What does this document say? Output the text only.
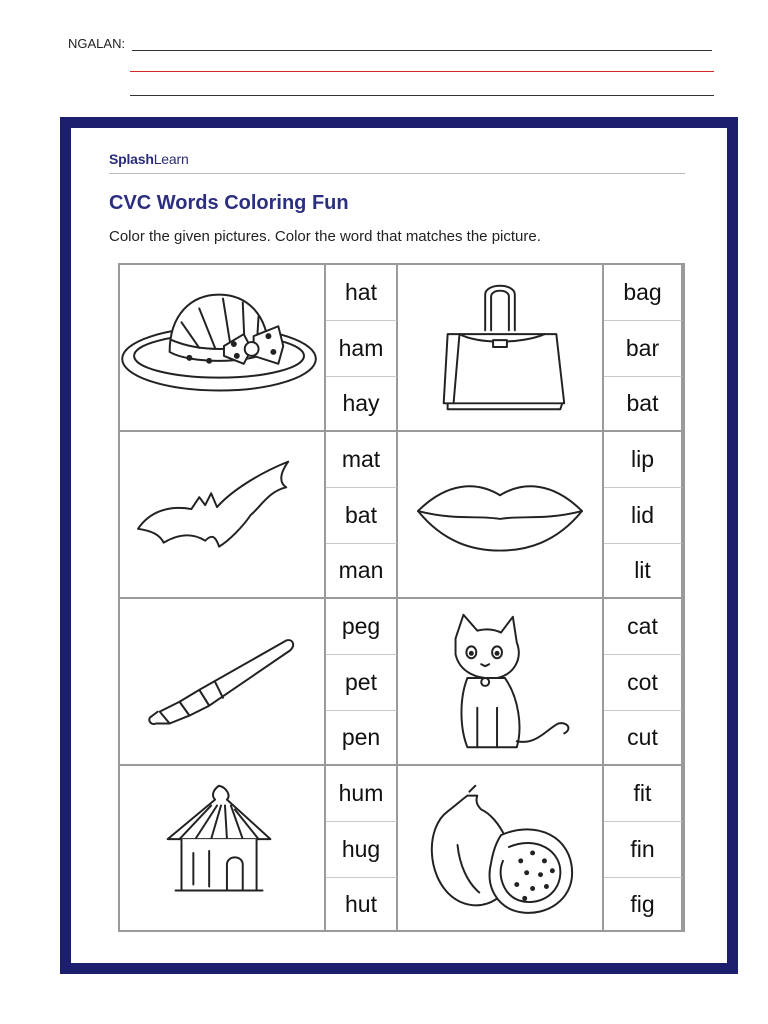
NGALAN:
SplashLearn
CVC Words Coloring Fun
Color the given pictures. Color the word that matches the picture.
hat
ham
hay
bag
bar
bat
mat
bat
man
lip
lid
lit
peg
pet
pen
cat
cot
cut
hum
hug
hut
fit
fin
fig
